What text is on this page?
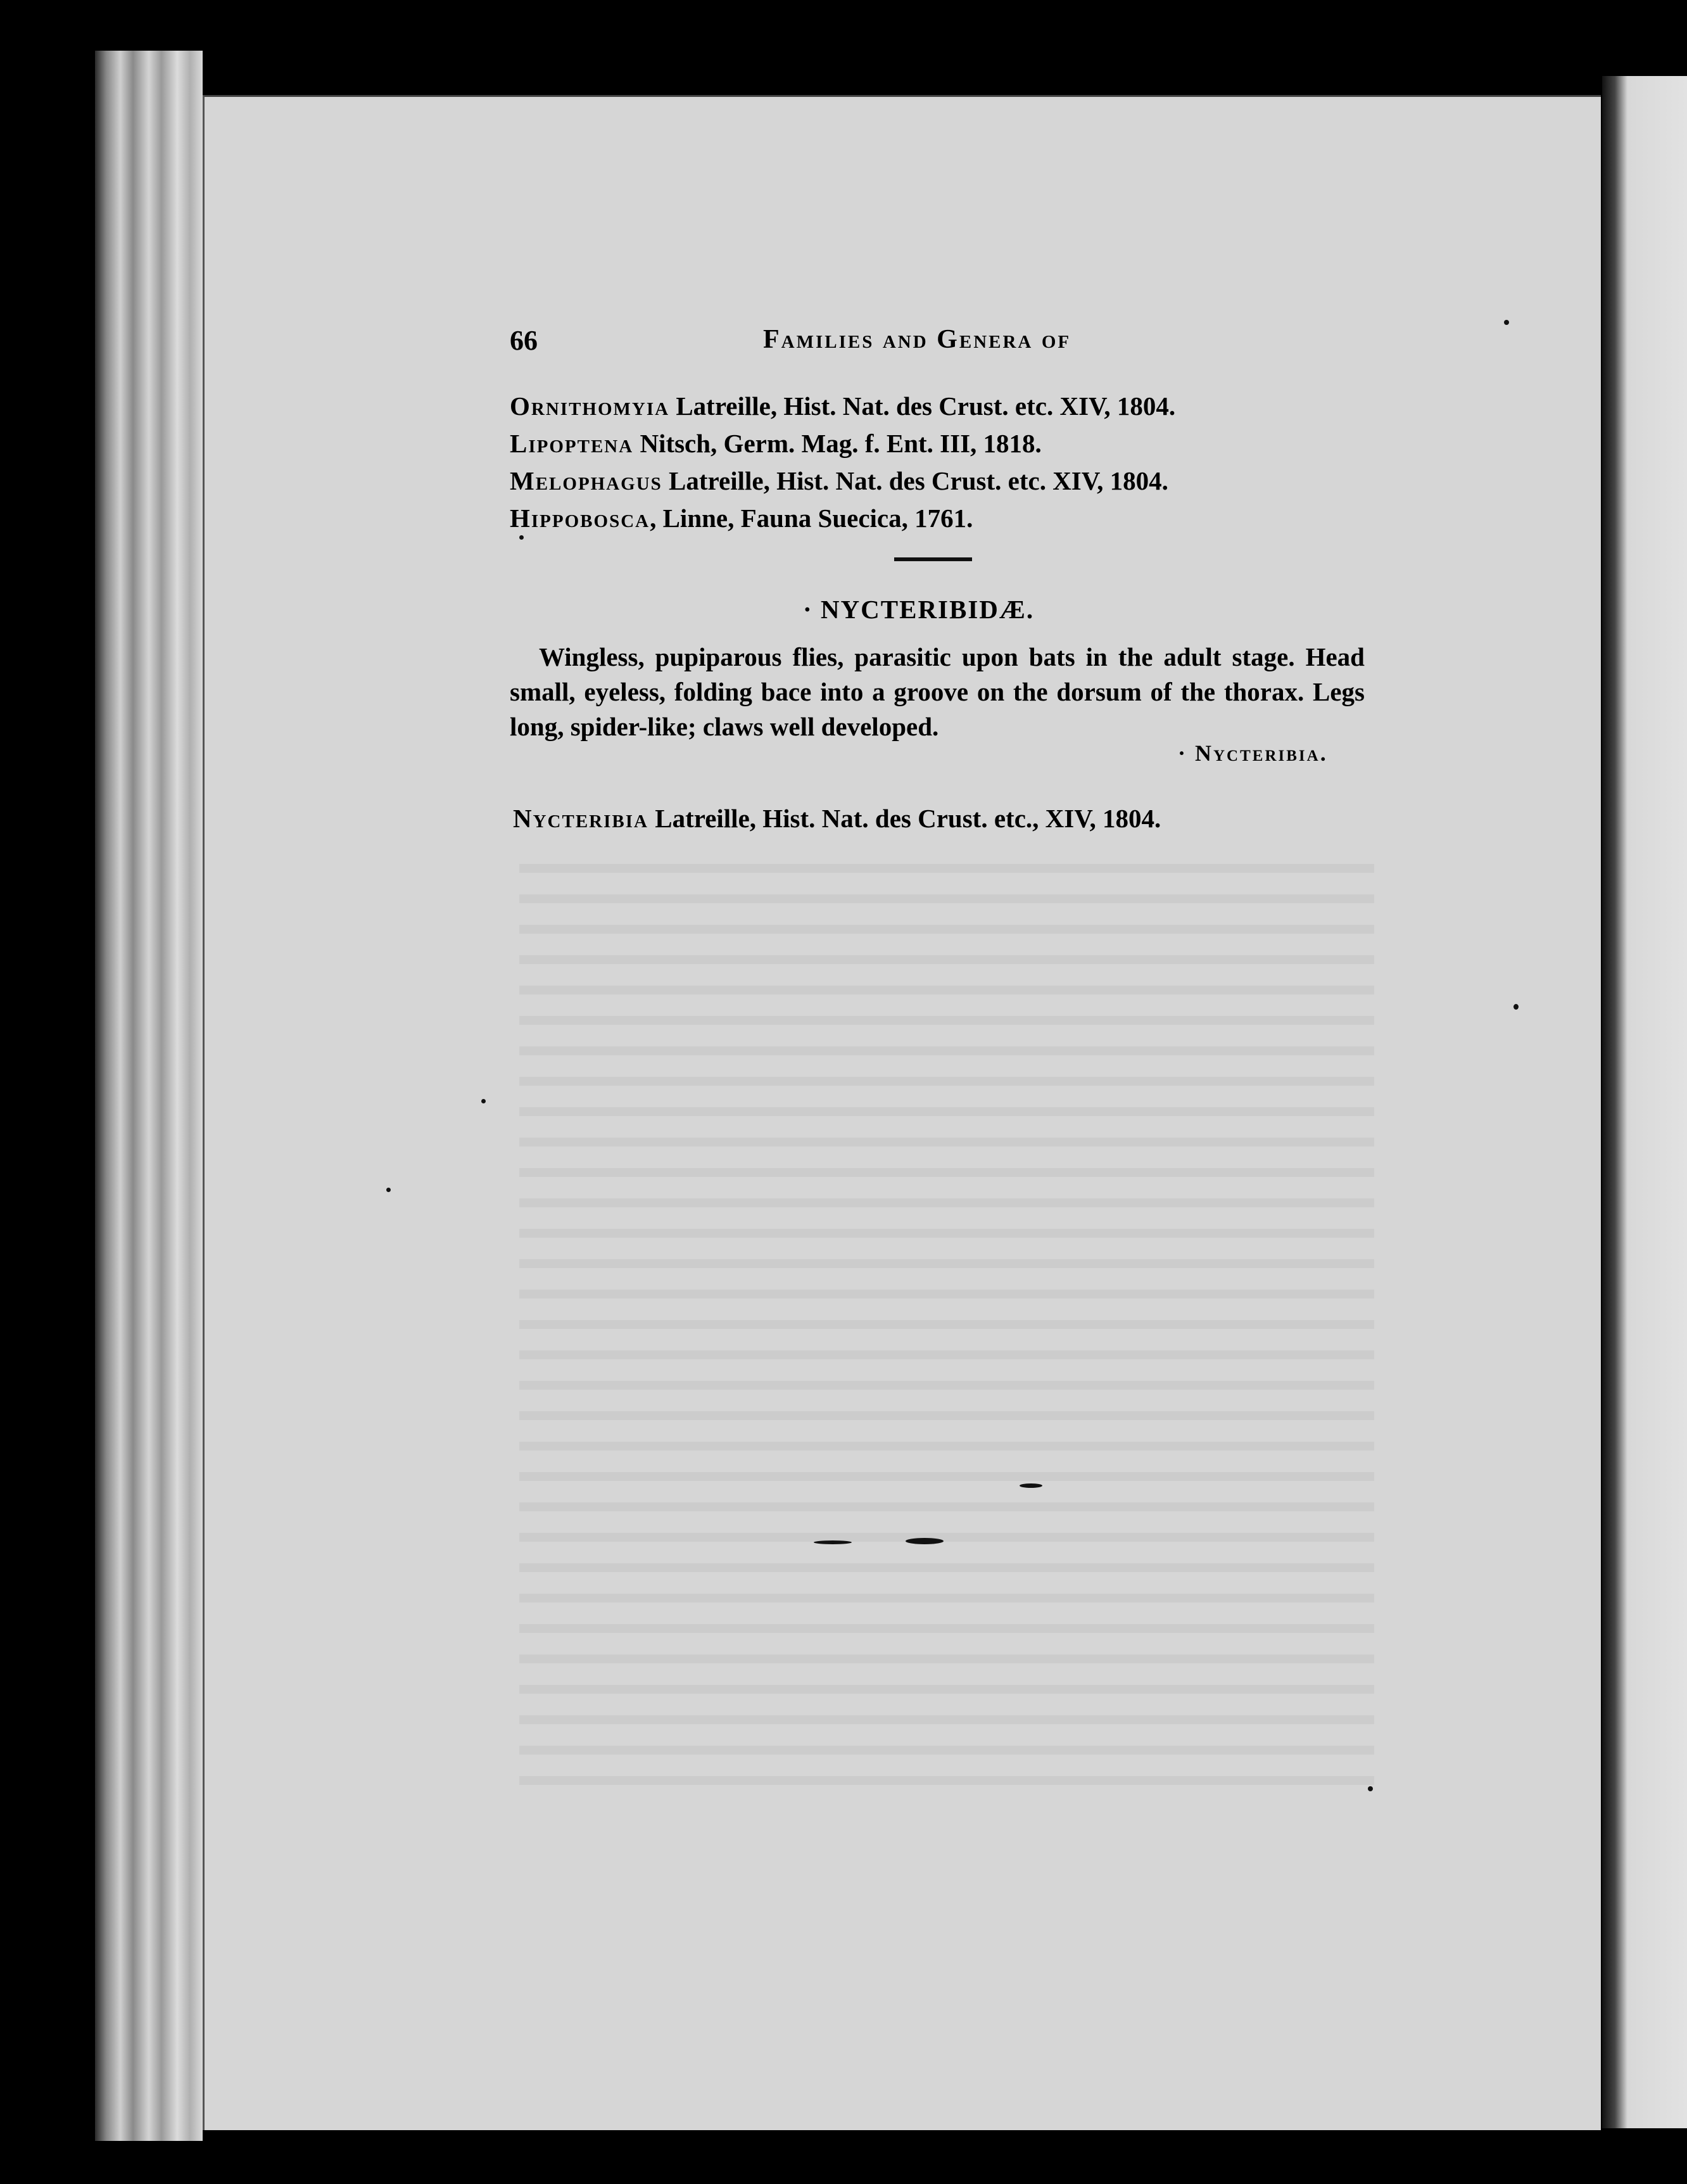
66	Families and Genera of
Ornithomyia Latreille, Hist. Nat. des Crust. etc. XIV, 1804.
Lipoptena Nitsch, Germ. Mag. f. Ent. III, 1818.
Melophagus Latreille, Hist. Nat. des Crust. etc. XIV, 1804.
Hippobosca, Linne, Fauna Suecica, 1761.
· NYCTERIBIDÆ.

Wingless, pupiparous flies, parasitic upon bats in the adult stage. Head small, eyeless, folding bace into a groove on the dorsum of the thorax. Legs long, spider-like; claws well developed.

· Nycteribia.
Nycteribia Latreille, Hist. Nat. des Crust. etc., XIV, 1804.
